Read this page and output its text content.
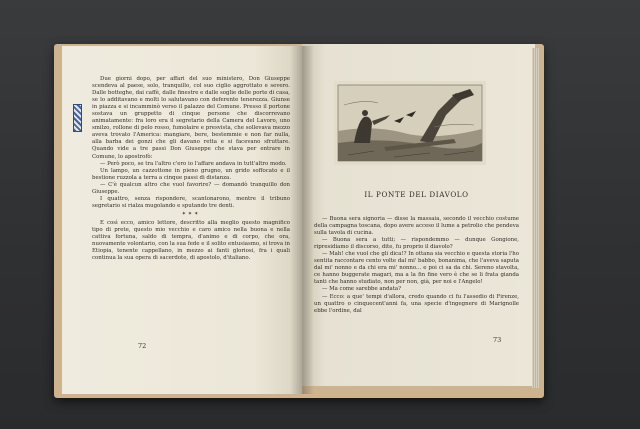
Due giorni dopo, per affari del suo ministero, Don Giuseppe scendeva al paese, solo, tranquillo, col suo ciglio aggrottato e severo. Dalle botteghe, dai caffè, dalle finestre e dalle soglie delle porte di casa, se lo additavano e molti lo salutavano con deferente tenerezza. Giunse in piazza e si incamminò verso il palazzo del Comune. Presso il portone sostava un gruppetto di cinque persone che discorrevano animatamente: fra loro era il segretario della Camera del Lavoro, uno smilzo, rollone di pelo rosso, fumolaire e presvista, che sollevava mezzo aveva trovato l'America: mangiare, bere, bestemmie e non far nulla, alla barba dei gonzi che gli davano retta e si facevano sfruttare. Quando vide a tre passi Don Giuseppe che stava per entrare in Comune, lo apostrofò:

— Però poco, se tra l'altro c'ero io l'affare andava in tutt'altro modo.

Un lampo, un cazzottone in pieno grugno, un grido soffocato e il bestione ruzzola a terra a cinque passi di distanza.

— C'è qualcun altro che vuol favorire? — domandò tranquillo don Giuseppe.

I quattro, senza rispondere, scantonarono, mentre il tribuno segretario si rialza mugolando e sputando tre denti.

✶✶✶

E così ecco, amico lettore, descritto alla meglio questo magnifico tipo di prete, questo mio vecchio e caro amico nella buona e nella cattiva fortuna, saldo di tempra, d'animo e di corpo, che ora, nuovamente volontario, con la sua fede e il solito entusiasmo, si trova in Etiopia, tenente cappellano, in mezzo ai fanti gloriosi, fra i quali continua la sua opera di sacerdote, di apostolo, d'italiano.

72
IL PONTE DEL DIAVOLO

— Buona sera signoria — disse la massaia, secondo il vecchio costume della campagna toscana, dopo avere acceso il lume a petrolio che pendeva sulla tavola di cucina.

— Buona sera a tutti; — rispondemmo — dunque Gongione, ripresidiamo il discorso, dite, fu proprio il diavolo?

— Mah! che vuol che gli dica!? In ottana sia vecchio e questa storia l'ho sentita raccontare cento volte dal mi' babbo, bonanima, che l'aveva saputa dal mi' nonno e da chi era mi' nonno... e poi ci sa da chi. Sereno stavolta, ce hanno buggerate magari, ma a la fin fine vero è che se li frata gianda tanti che hanno studiato, non per non, già, per noi e l'Angelo!

— Ma come sarebbe andata?

— Ecco: a que' tempi d'allora, credo quando ci fu l'assedio di Firenze, un quattro o cinquecent'anni fa, una specie d'ingegnere di Marignolle ebbe l'ordine, dal

73
